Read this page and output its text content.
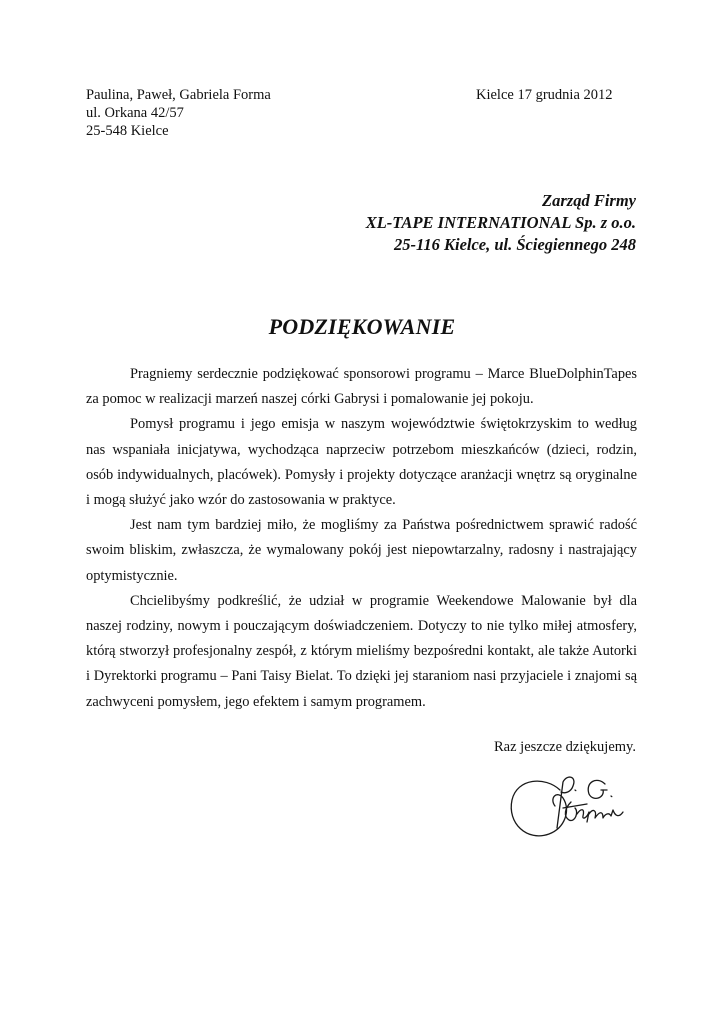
Paulina, Paweł, Gabriela Forma
ul. Orkana 42/57
25-548 Kielce
Kielce 17 grudnia 2012
Zarząd Firmy
XL-TAPE INTERNATIONAL Sp. z o.o.
25-116 Kielce, ul. Ściegiennego 248
PODZIĘKOWANIE

Pragniemy serdecznie podziękować sponsorowi programu – Marce BlueDolphinTapes za pomoc w realizacji marzeń naszej córki Gabrysi i pomalowanie jej pokoju.

Pomysł programu i jego emisja w naszym województwie świętokrzyskim to według nas wspaniała inicjatywa, wychodząca naprzeciw potrzebom mieszkańców (dzieci, rodzin, osób indywidualnych, placówek). Pomysły i projekty dotyczące aranżacji wnętrz są oryginalne i mogą służyć jako wzór do zastosowania w praktyce.

Jest nam tym bardziej miło, że mogliśmy za Państwa pośrednictwem sprawić radość swoim bliskim, zwłaszcza, że wymalowany pokój jest niepowtarzalny, radosny i nastrajający optymistycznie.

Chcielibyśmy podkreślić, że udział w programie Weekendowe Malowanie był dla naszej rodziny, nowym i pouczającym doświadczeniem. Dotyczy to nie tylko miłej atmosfery, którą stworzył profesjonalny zespół, z którym mieliśmy bezpośredni kontakt, ale także Autorki i Dyrektorki programu – Pani Taisy Bielat. To dzięki jej staraniom nasi przyjaciele i znajomi są zachwyceni pomysłem, jego efektem i samym programem.

Raz jeszcze dziękujemy.
